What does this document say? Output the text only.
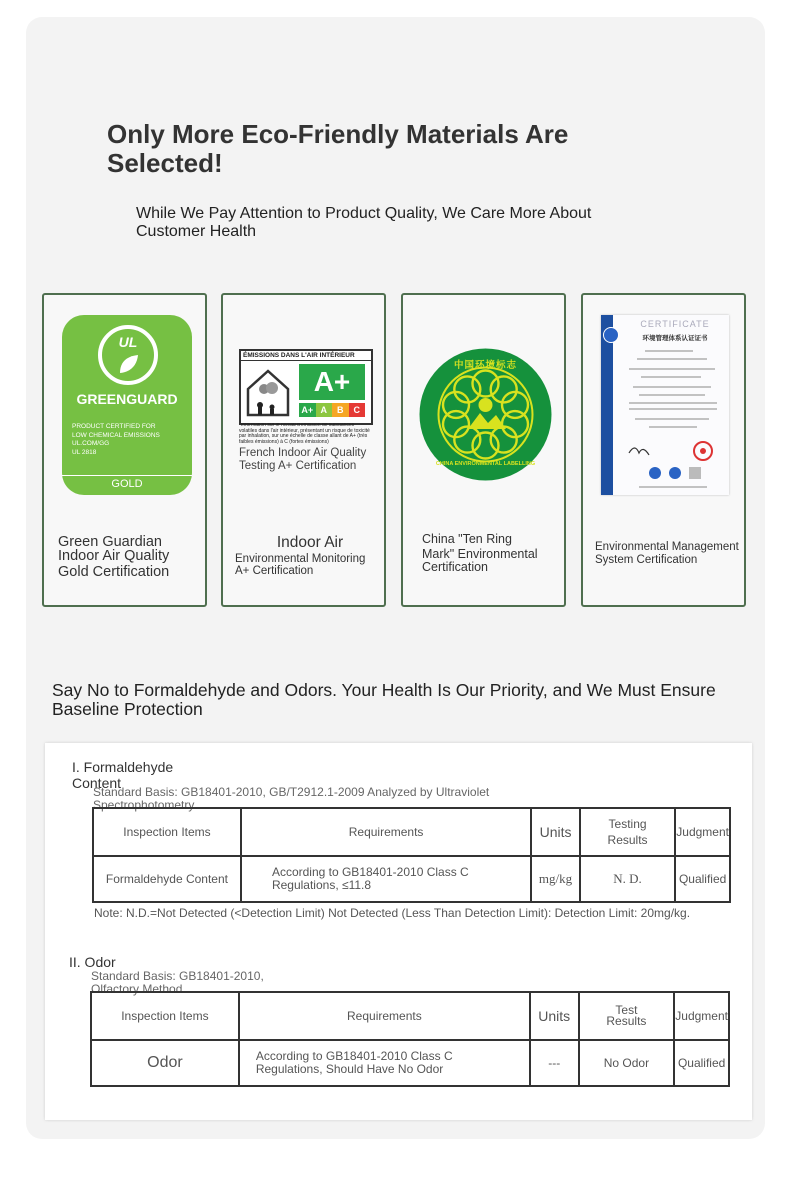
Only More Eco-Friendly Materials Are Selected!
While We Pay Attention to Product Quality, We Care More About Customer Health
UL
GREENGUARD
PRODUCT CERTIFIED FOR
LOW CHEMICAL EMISSIONS
UL.COM/GG
UL 2818
GOLD
Green Guardian
Indoor Air Quality
Gold Certification
ÉMISSIONS DANS L'AIR INTÉRIEUR
A+
A+ A	B	C
*Information sur le niveau d'émission de substances volatiles dans l'air intérieur, présentant un risque de toxicité par inhalation, sur une échelle de classe allant de A+ (très faibles émissions) à C (fortes émissions)
French Indoor Air Quality
Testing A+ Certification
Indoor Air
Environmental Monitoring
A+ Certification
中国环境标志
CHINA ENVIRONMENTAL LABELLING
China "Ten Ring
Mark" Environmental
Certification
CERTIFICATE
环境管理体系认证证书
Environmental Management
System Certification
Say No to Formaldehyde and Odors. Your Health Is Our Priority, and We Must Ensure Baseline Protection
I. Formaldehyde
Content
Standard Basis: GB18401-2010, GB/T2912.1-2009 Analyzed by Ultraviolet
Spectrophotometry
Inspection Items	Requirements	Units	Testing
Results	Judgment
Formaldehyde Content	According to GB18401-2010 Class C
Regulations, ≤11.8	mg/kg	N. D.	Qualified
Note: N.D.=Not Detected (<Detection Limit) Not Detected (Less Than Detection Limit): Detection Limit: 20mg/kg.
II. Odor
Standard Basis: GB18401-2010,
Olfactory Method
Inspection Items	Requirements	Units	Test
Results	Judgment
Odor	According to GB18401-2010 Class C
Regulations, Should Have No Odor	---	No Odor	Qualified
